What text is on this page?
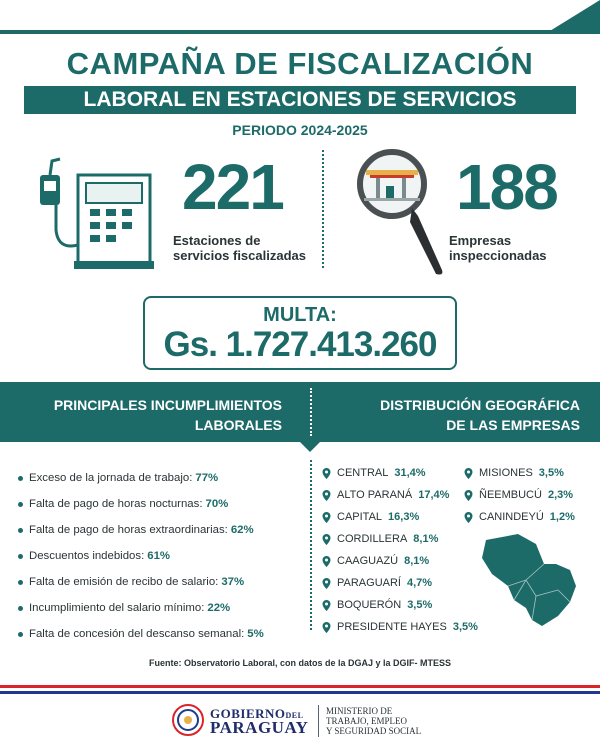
CAMPAÑA DE FISCALIZACIÓN
LABORAL EN ESTACIONES DE SERVICIOS
PERIODO 2024-2025
221
Estaciones de
servicios fiscalizadas
188
Empresas
inspeccionadas
MULTA:
Gs. 1.727.413.260
PRINCIPALES INCUMPLIMIENTOS
LABORALES
DISTRIBUCIÓN GEOGRÁFICA
DE LAS EMPRESAS
Exceso de la jornada de trabajo: 77%
Falta de pago de horas nocturnas: 70%
Falta de pago de horas extraordinarias: 62%
Descuentos indebidos: 61%
Falta de emisión de recibo de salario: 37%
Incumplimiento del salario mínimo: 22%
Falta de concesión del descanso semanal: 5%
CENTRAL 31,4%
ALTO PARANÁ 17,4%
CAPITAL 16,3%
CORDILLERA 8,1%
CAAGUAZÚ 8,1%
PARAGUARÍ 4,7%
BOQUERÓN 3,5%
PRESIDENTE HAYES 3,5%
MISIONES 3,5%
ÑEEMBUCÚ 2,3%
CANINDEYÚ 1,2%
Fuente: Observatorio Laboral, con datos de la DGAJ y la DGIF- MTESS
GOBIERNODEL
PARAGUAY
MINISTERIO DE
TRABAJO, EMPLEO
Y SEGURIDAD SOCIAL
